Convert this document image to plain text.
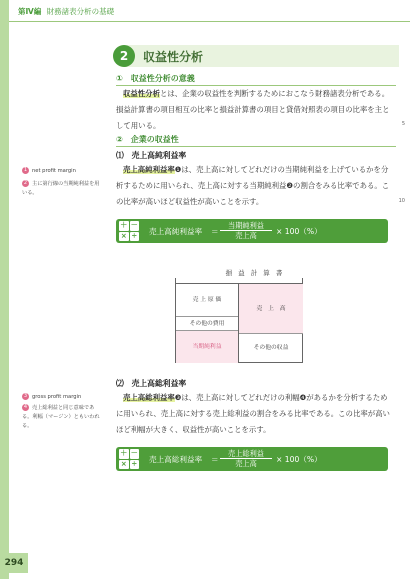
第Ⅳ編 財務諸表分析の基礎
2	収益性分析
①　収益性分析の意義
収益性分析とは、企業の収益性を判断するためにおこなう財務諸表分析である。損益計算書の項目相互の比率と損益計算書の項目と貸借対照表の項目の比率を主として用いる。
②　企業の収益性
⑴　売上高純利益率
売上高純利益率❶は、売上高に対してどれだけの当期純利益を上げているかを分析するために用いられ、売上高に対する当期純利益❷の割合をみる比率である。この比率が高いほど収益性が高いことを示す。
5
10
1 net profit margin
2 主に第行線の当期純利益を用いる。
＋ －
× ÷ 売上高純利益率 ＝
当期純利益
売上高	× 100（%）
損 益 計 算 書
売 上 原 価
その他の費用
当期純利益
売　上　高
その他の収益
⑵　売上高総利益率
売上高総利益率❸は、売上高に対してどれだけの利幅❹があるかを分析するために用いられ、売上高に対する売上総利益の割合をみる比率である。この比率が高いほど利幅が大きく、収益性が高いことを示す。
3 gross profit margin
4 売上総利益と同じ意味である。利幅（マージン）ともいわれる。
＋ －
× ÷ 売上高総利益率 ＝
売上総利益
売上高	× 100（%）
294
